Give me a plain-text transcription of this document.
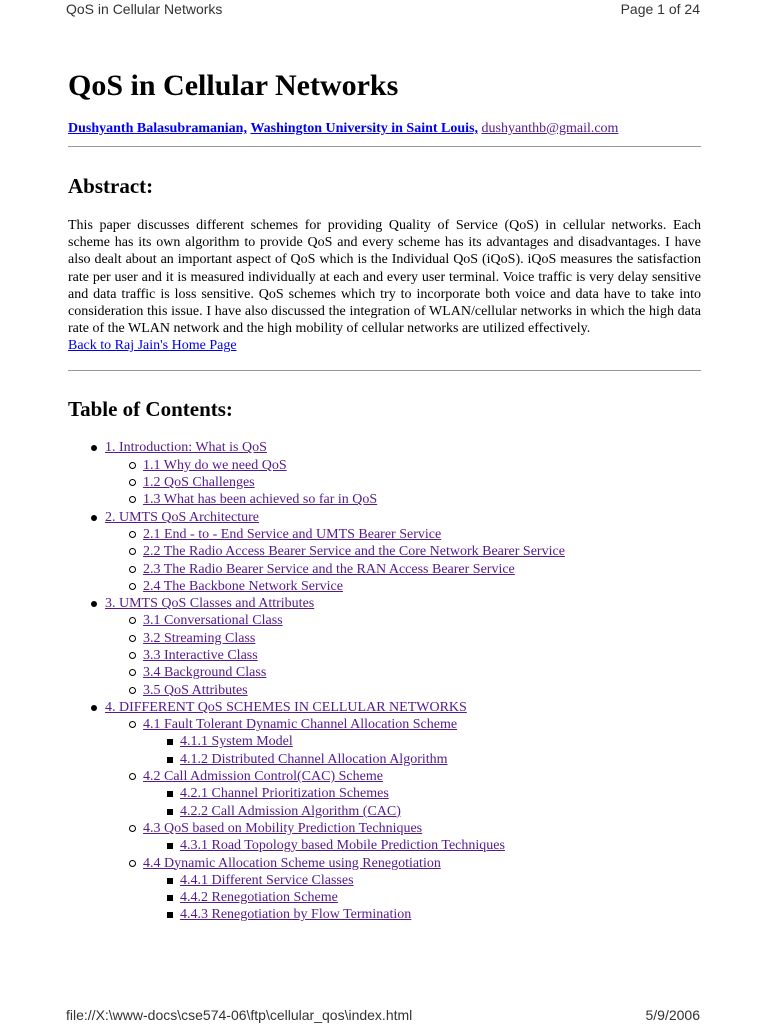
QoS in Cellular Networks	Page 1 of 24
QoS in Cellular Networks
Dushyanth Balasubramanian, Washington University in Saint Louis, dushyanthb@gmail.com
Abstract:

This paper discusses different schemes for providing Quality of Service (QoS) in cellular networks. Each scheme has its own algorithm to provide QoS and every scheme has its advantages and disadvantages. I have also dealt about an important aspect of QoS which is the Individual QoS (iQoS). iQoS measures the satisfaction rate per user and it is measured individually at each and every user terminal. Voice traffic is very delay sensitive and data traffic is loss sensitive. QoS schemes which try to incorporate both voice and data have to take into consideration this issue. I have also discussed the integration of WLAN/cellular networks in which the high data rate of the WLAN network and the high mobility of cellular networks are utilized effectively.

Back to Raj Jain's Home Page
Table of Contents:
1. Introduction: What is QoS
1.1 Why do we need QoS
1.2 QoS Challenges
1.3 What has been achieved so far in QoS
2. UMTS QoS Architecture
2.1 End - to - End Service and UMTS Bearer Service
2.2 The Radio Access Bearer Service and the Core Network Bearer Service
2.3 The Radio Bearer Service and the RAN Access Bearer Service
2.4 The Backbone Network Service
3. UMTS QoS Classes and Attributes
3.1 Conversational Class
3.2 Streaming Class
3.3 Interactive Class
3.4 Background Class
3.5 QoS Attributes
4. DIFFERENT QoS SCHEMES IN CELLULAR NETWORKS
4.1 Fault Tolerant Dynamic Channel Allocation Scheme
4.1.1 System Model
4.1.2 Distributed Channel Allocation Algorithm
4.2 Call Admission Control(CAC) Scheme
4.2.1 Channel Prioritization Schemes
4.2.2 Call Admission Algorithm (CAC)
4.3 QoS based on Mobility Prediction Techniques
4.3.1 Road Topology based Mobile Prediction Techniques
4.4 Dynamic Allocation Scheme using Renegotiation
4.4.1 Different Service Classes
4.4.2 Renegotiation Scheme
4.4.3 Renegotiation by Flow Termination
file://X:\www-docs\cse574-06\ftp\cellular_qos\index.html	5/9/2006
